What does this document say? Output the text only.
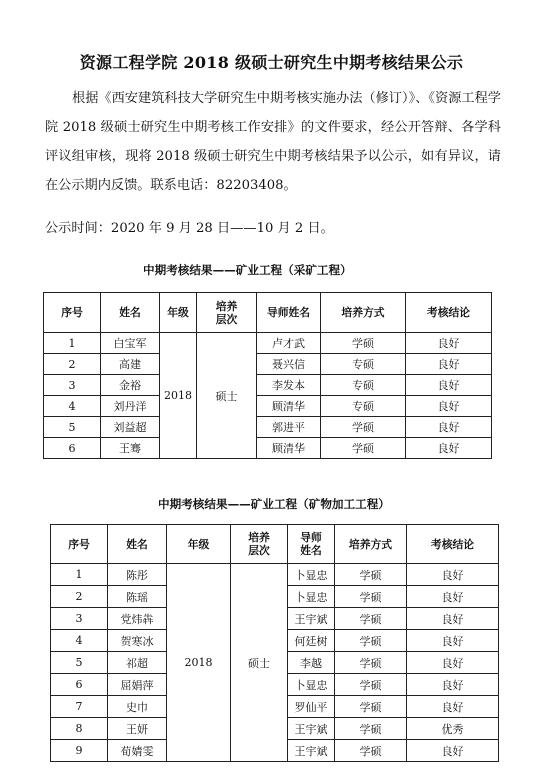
资源工程学院 2018 级硕士研究生中期考核结果公示
根据《西安建筑科技大学研究生中期考核实施办法（修订）》、《资源工程学院 2018 级硕士研究生中期考核工作安排》的文件要求，经公开答辩、各学科评议组审核，现将 2018 级硕士研究生中期考核结果予以公示，如有异议，请在公示期内反馈。联系电话：82203408。
公示时间：2020 年 9 月 28 日——10 月 2 日。
中期考核结果——矿业工程（采矿工程）
序号	姓名	年级	培养层次	导师姓名	培养方式	考核结论
1	白宝军	2018	硕士	卢才武	学硕	良好
2	高建			聂兴信	专硕	良好
3	金裕			李发本	专硕	良好
4	刘丹洋			顾清华	专硕	良好
5	刘益超			郭进平	学硕	良好
6	王骞			顾清华	学硕	良好
中期考核结果——矿业工程（矿物加工工程）
序号	姓名	年级	培养层次	导师姓名	培养方式	考核结论
1	陈彤	2018	硕士	卜显忠	学硕	良好
2	陈瑶			卜显忠	学硕	良好
3	党炜犇			王宇斌	学硕	良好
4	贺寒冰			何廷树	学硕	良好
5	祁超			李越	学硕	良好
6	屈娟萍			卜显忠	学硕	良好
7	史巾			罗仙平	学硕	良好
8	王妍			王宇斌	学硕	优秀
9	荀婧雯			王宇斌	学硕	良好
